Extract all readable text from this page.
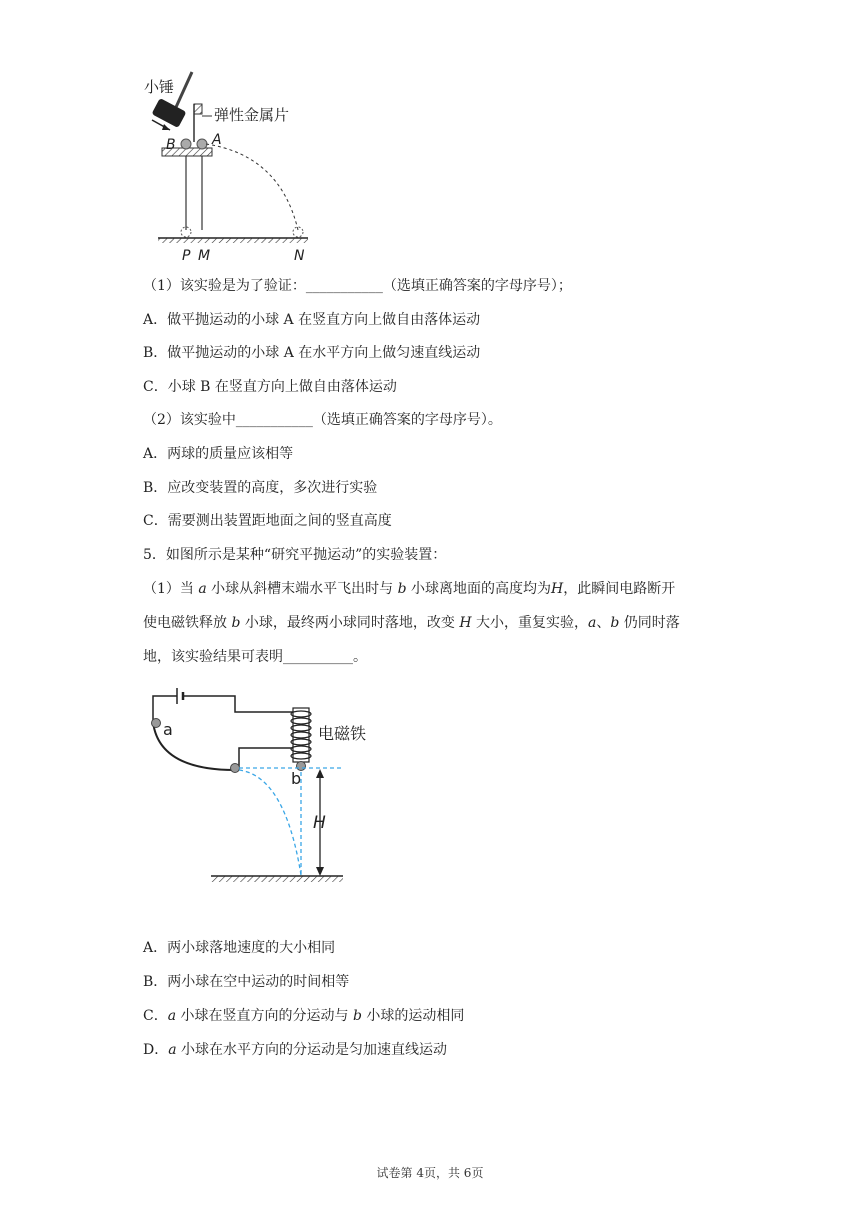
小锤
弹性金属片
B	A
P M	N
（1）该实验是为了验证：___________（选填正确答案的字母序号）；
A．做平抛运动的小球 A 在竖直方向上做自由落体运动
B．做平抛运动的小球 A 在水平方向上做匀速直线运动
C．小球 B 在竖直方向上做自由落体运动
（2）该实验中___________（选填正确答案的字母序号）。
A．两球的质量应该相等
B．应改变装置的高度，多次进行实验
C．需要测出装置距地面之间的竖直高度
5．如图所示是某种“研究平抛运动”的实验装置：
（1）当 a 小球从斜槽末端水平飞出时与 b 小球离地面的高度均为H，此瞬间电路断开
使电磁铁释放 b 小球，最终两小球同时落地，改变 H 大小，重复实验，a、b 仍同时落
地，该实验结果可表明__________。
电磁铁
a
b
H
A．两小球落地速度的大小相同
B．两小球在空中运动的时间相等
C．a 小球在竖直方向的分运动与 b 小球的运动相同
D．a 小球在水平方向的分运动是匀加速直线运动
试卷第 4页，共 6页
